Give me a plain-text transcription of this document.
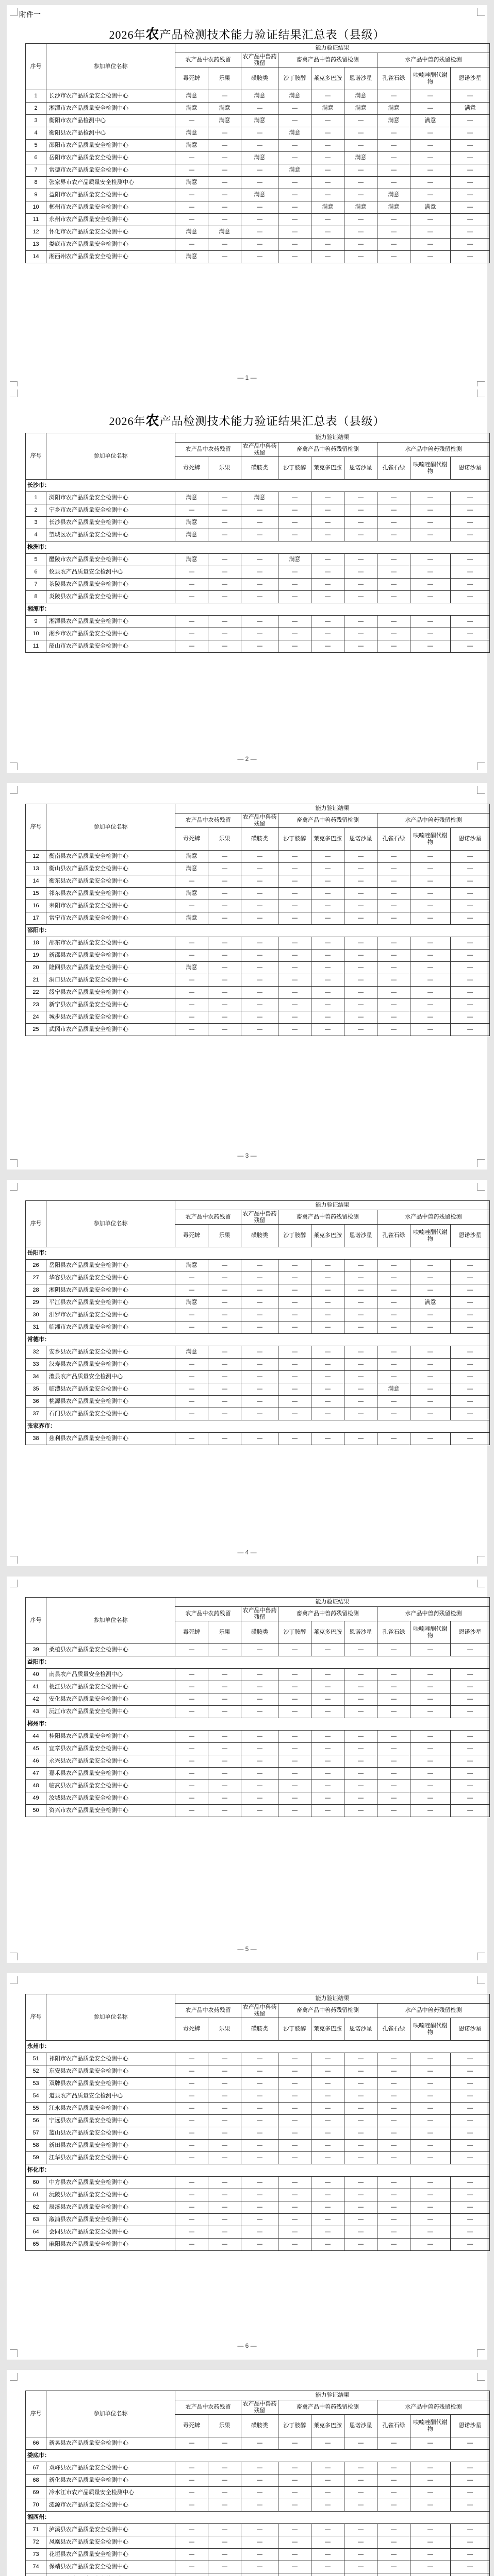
附件一
2026年农产品检测技术能力验证结果汇总表（县级）
序号	参加单位名称	能力验证结果								
		农产品中农药残留		农产品中兽药残留	畜禽产品中兽药残留检测			水产品中兽药残留检测		
		毒死蜱	乐果	磺胺类	沙丁胺醇	莱克多巴胺	恩诺沙星	孔雀石绿	呋喃唑酮代谢物	恩诺沙星
1	长沙市农产品质量安全检测中心	满意	—	满意	满意	—	满意	—	—	—
2	湘潭市农产品质量安全检测中心	满意	满意	—	—	满意	满意	满意	—	满意
3	衡阳市农产品检测中心	—	满意	满意	—	—	—	满意	满意	—
4	衡阳县农产品检测中心	满意	—	—	满意	—	—	—	—	—
5	邵阳市农产品质量安全检测中心	满意	—	—	—	—	—	—	—	—
6	岳阳市农产品质量安全检测中心	—	—	满意	—	—	满意	—	—	—
7	常德市农产品质量安全检测中心	—	—	—	满意	—	—	—	—	—
8	张家界市农产品质量安全检测中心	满意	—	—	—	—	—	—	—	—
9	益阳市农产品质量安全检测中心	—	—	满意	—	—	—	满意	—	—
10	郴州市农产品质量安全检测中心	—	—	—	—	满意	满意	满意	满意	—
11	永州市农产品质量安全检测中心	—	—	—	—	—	—	—	—	—
12	怀化市农产品质量安全检测中心	满意	满意	—	—	—	—	—	—	—
13	娄底市农产品质量安全检测中心	—	—	—	—	—	—	—	—	—
14	湘西州农产品质量安全检测中心	满意	—	—	—	—	—	—	—	—
— 1 —
2026年农产品检测技术能力验证结果汇总表（县级）
序号	参加单位名称	能力验证结果								
		农产品中农药残留		农产品中兽药残留	畜禽产品中兽药残留检测			水产品中兽药残留检测		
		毒死蜱	乐果	磺胺类	沙丁胺醇	莱克多巴胺	恩诺沙星	孔雀石绿	呋喃唑酮代谢物	恩诺沙星
长沙市：										
1	浏阳市农产品质量安全检测中心	满意	—	满意	—	—	—	—	—	—
2	宁乡市农产品质量安全检测中心	—	—	—	—	—	—	—	—	—
3	长沙县农产品质量安全检测中心	满意	—	—	—	—	—	—	—	—
4	望城区农产品质量安全检测中心	满意	—	—	—	—	—	—	—	—
株洲市：										
5	醴陵市农产品质量安全检测中心	满意	—	—	满意	—	—	—	—	—
6	攸县农产品质量安全检测中心	—	—	—	—	—	—	—	—	—
7	茶陵县农产品质量安全检测中心	—	—	—	—	—	—	—	—	—
8	炎陵县农产品质量安全检测中心	—	—	—	—	—	—	—	—	—
湘潭市：										
9	湘潭县农产品质量安全检测中心	—	—	—	—	—	—	—	—	—
10	湘乡市农产品质量安全检测中心	—	—	—	—	—	—	—	—	—
11	韶山市农产品质量安全检测中心	—	—	—	—	—	—	—	—	—
— 2 —
序号	参加单位名称	能力验证结果								
		农产品中农药残留		农产品中兽药残留	畜禽产品中兽药残留检测			水产品中兽药残留检测		
		毒死蜱	乐果	磺胺类	沙丁胺醇	莱克多巴胺	恩诺沙星	孔雀石绿	呋喃唑酮代谢物	恩诺沙星
12	衡南县农产品质量安全检测中心	满意	—	—	—	—	—	—	—	—
13	衡山县农产品质量安全检测中心	满意	—	—	—	—	—	—	—	—
14	衡东县农产品质量安全检测中心	—	—	—	—	—	—	—	—	—
15	祁东县农产品质量安全检测中心	满意	—	—	—	—	—	—	—	—
16	耒阳市农产品质量安全检测中心	—	—	—	—	—	—	—	—	—
17	常宁市农产品质量安全检测中心	满意	—	—	—	—	—	—	—	—
邵阳市：										
18	邵东市农产品质量安全检测中心	—	—	—	—	—	—	—	—	—
19	新邵县农产品质量安全检测中心	—	—	—	—	—	—	—	—	—
20	隆回县农产品质量安全检测中心	满意	—	—	—	—	—	—	—	—
21	洞口县农产品质量安全检测中心	—	—	—	—	—	—	—	—	—
22	绥宁县农产品质量安全检测中心	—	—	—	—	—	—	—	—	—
23	新宁县农产品质量安全检测中心	—	—	—	—	—	—	—	—	—
24	城步县农产品质量安全检测中心	—	—	—	—	—	—	—	—	—
25	武冈市农产品质量安全检测中心	—	—	—	—	—	—	—	—	—
— 3 —
序号	参加单位名称	能力验证结果								
		农产品中农药残留		农产品中兽药残留	畜禽产品中兽药残留检测			水产品中兽药残留检测		
		毒死蜱	乐果	磺胺类	沙丁胺醇	莱克多巴胺	恩诺沙星	孔雀石绿	呋喃唑酮代谢物	恩诺沙星
岳阳市：										
26	岳阳县农产品质量安全检测中心	满意	—	—	—	—	—	—	—	—
27	华容县农产品质量安全检测中心	—	—	—	—	—	—	—	—	—
28	湘阴县农产品质量安全检测中心	—	—	—	—	—	—	—	—	—
29	平江县农产品质量安全检测中心	满意	—	—	—	—	—	—	满意	—
30	汨罗市农产品质量安全检测中心	—	—	—	—	—	—	—	—	—
31	临湘市农产品质量安全检测中心	—	—	—	—	—	—	—	—	—
常德市：										
32	安乡县农产品质量安全检测中心	满意	—	—	—	—	—	—	—	—
33	汉寿县农产品质量安全检测中心	—	—	—	—	—	—	—	—	—
34	澧县农产品质量安全检测中心	—	—	—	—	—	—	—	—	—
35	临澧县农产品质量安全检测中心	—	—	—	—	—	—	满意	—	—
36	桃源县农产品质量安全检测中心	—	—	—	—	—	—	—	—	—
37	石门县农产品质量安全检测中心	—	—	—	—	—	—	—	—	—
张家界市：										
38	慈利县农产品质量安全检测中心	—	—	—	—	—	—	—	—	—
— 4 —
序号	参加单位名称	能力验证结果								
		农产品中农药残留		农产品中兽药残留	畜禽产品中兽药残留检测			水产品中兽药残留检测		
		毒死蜱	乐果	磺胺类	沙丁胺醇	莱克多巴胺	恩诺沙星	孔雀石绿	呋喃唑酮代谢物	恩诺沙星
39	桑植县农产品质量安全检测中心	—	—	—	—	—	—	—	—	—
益阳市：										
40	南县农产品质量安全检测中心	—	—	—	—	—	—	—	—	—
41	桃江县农产品质量安全检测中心	—	—	—	—	—	—	—	—	—
42	安化县农产品质量安全检测中心	—	—	—	—	—	—	—	—	—
43	沅江市农产品质量安全检测中心	—	—	—	—	—	—	—	—	—
郴州市：										
44	桂阳县农产品质量安全检测中心	—	—	—	—	—	—	—	—	—
45	宜章县农产品质量安全检测中心	—	—	—	—	—	—	—	—	—
46	永兴县农产品质量安全检测中心	—	—	—	—	—	—	—	—	—
47	嘉禾县农产品质量安全检测中心	—	—	—	—	—	—	—	—	—
48	临武县农产品质量安全检测中心	—	—	—	—	—	—	—	—	—
49	汝城县农产品质量安全检测中心	—	—	—	—	—	—	—	—	—
50	资兴市农产品质量安全检测中心	—	—	—	—	—	—	—	—	—
— 5 —
序号	参加单位名称	能力验证结果								
		农产品中农药残留		农产品中兽药残留	畜禽产品中兽药残留检测			水产品中兽药残留检测		
		毒死蜱	乐果	磺胺类	沙丁胺醇	莱克多巴胺	恩诺沙星	孔雀石绿	呋喃唑酮代谢物	恩诺沙星
永州市：										
51	祁阳市农产品质量安全检测中心	—	—	—	—	—	—	—	—	—
52	东安县农产品质量安全检测中心	—	—	—	—	—	—	—	—	—
53	双牌县农产品质量安全检测中心	—	—	—	—	—	—	—	—	—
54	道县农产品质量安全检测中心	—	—	—	—	—	—	—	—	—
55	江永县农产品质量安全检测中心	—	—	—	—	—	—	—	—	—
56	宁远县农产品质量安全检测中心	—	—	—	—	—	—	—	—	—
57	蓝山县农产品质量安全检测中心	—	—	—	—	—	—	—	—	—
58	新田县农产品质量安全检测中心	—	—	—	—	—	—	—	—	—
59	江华县农产品质量安全检测中心	—	—	—	—	—	—	—	—	—
怀化市：										
60	中方县农产品质量安全检测中心	—	—	—	—	—	—	—	—	—
61	沅陵县农产品质量安全检测中心	—	—	—	—	—	—	—	—	—
62	辰溪县农产品质量安全检测中心	—	—	—	—	—	—	—	—	—
63	溆浦县农产品质量安全检测中心	—	—	—	—	—	—	—	—	—
64	会同县农产品质量安全检测中心	—	—	—	—	—	—	—	—	—
65	麻阳县农产品质量安全检测中心	—	—	—	—	—	—	—	—	—
— 6 —
序号	参加单位名称	能力验证结果								
		农产品中农药残留		农产品中兽药残留	畜禽产品中兽药残留检测			水产品中兽药残留检测		
		毒死蜱	乐果	磺胺类	沙丁胺醇	莱克多巴胺	恩诺沙星	孔雀石绿	呋喃唑酮代谢物	恩诺沙星
66	新晃县农产品质量安全检测中心	—	—	—	—	—	—	—	—	—
娄底市：										
67	双峰县农产品质量安全检测中心	—	—	—	—	—	—	—	—	—
68	新化县农产品质量安全检测中心	—	—	—	—	—	—	—	—	—
69	冷水江市农产品质量安全检测中心	—	—	—	—	—	—	—	—	—
70	涟源市农产品质量安全检测中心	—	—	—	—	—	—	—	—	—
湘西州：										
71	泸溪县农产品质量安全检测中心	—	—	—	—	—	—	—	—	—
72	凤凰县农产品质量安全检测中心	—	—	—	—	—	—	—	—	—
73	花垣县农产品质量安全检测中心	—	—	—	—	—	—	—	—	—
74	保靖县农产品质量安全检测中心	—	—	—	—	—	—	—	—	—
